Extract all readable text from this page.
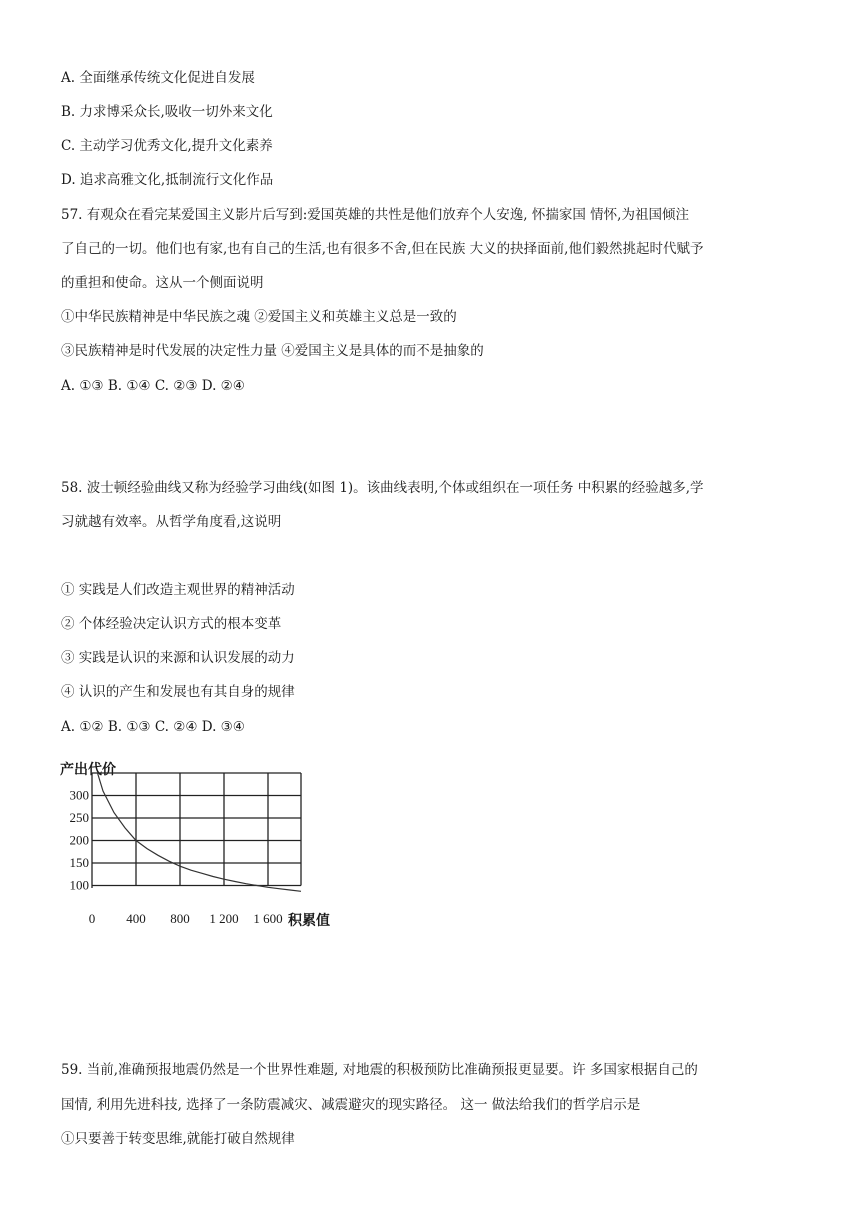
A. 全面继承传统文化促进自发展
B. 力求博采众长,吸收一切外来文化
C. 主动学习优秀文化,提升文化素养
D. 追求高雅文化,抵制流行文化作品
57. 有观众在看完某爱国主义影片后写到:爱国英雄的共性是他们放弃个人安逸, 怀揣家国 情怀,为祖国倾注
了自己的一切。他们也有家,也有自己的生活,也有很多不舍,但在民族 大义的抉择面前,他们毅然挑起时代赋予
的重担和使命。这从一个侧面说明
①中华民族精神是中华民族之魂 ②爱国主义和英雄主义总是一致的
③民族精神是时代发展的决定性力量 ④爱国主义是具体的而不是抽象的
A. ①③ B. ①④ C. ②③ D. ②④
58. 波士顿经验曲线又称为经验学习曲线(如图 1)。该曲线表明,个体或组织在一项任务 中积累的经验越多,学
习就越有效率。从哲学角度看,这说明
① 实践是人们改造主观世界的精神活动
② 个体经验决定认识方式的根本变革
③ 实践是认识的来源和认识发展的动力
④ 认识的产生和发展也有其自身的规律
A. ①② B. ①③ C. ②④ D. ③④
产出代价
积累值
300
250
200
150
100
0 400 800 1 200 1 600
59. 当前,准确预报地震仍然是一个世界性难题, 对地震的积极预防比准确预报更显要。许 多国家根据自己的
国情, 利用先进科技, 选择了一条防震减灾、减震避灾的现实路径。 这一 做法给我们的哲学启示是
①只要善于转变思维,就能打破自然规律
